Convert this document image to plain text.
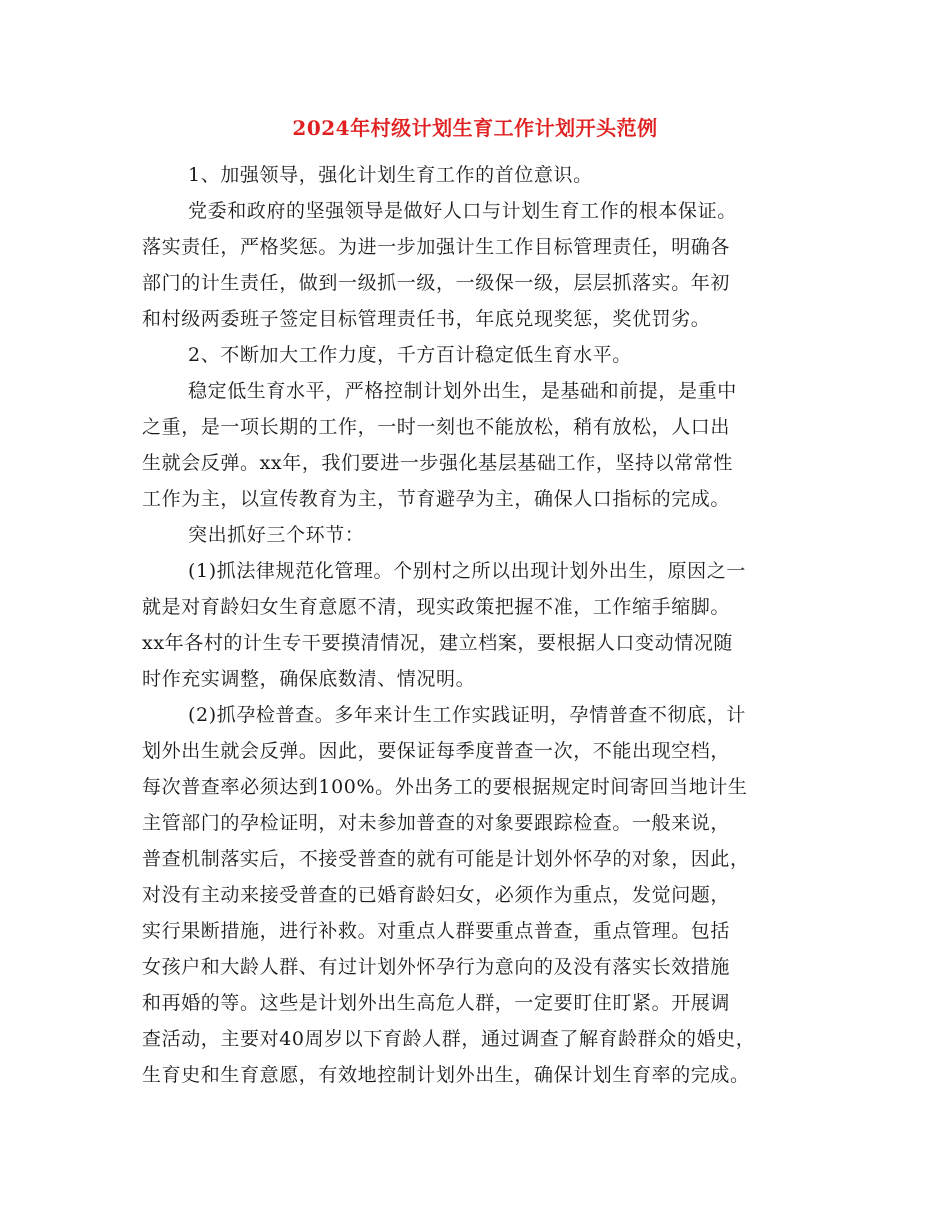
2024年村级计划生育工作计划开头范例
1、加强领导，强化计划生育工作的首位意识。
党委和政府的坚强领导是做好人口与计划生育工作的根本保证。
落实责任，严格奖惩。为进一步加强计生工作目标管理责任，明确各
部门的计生责任，做到一级抓一级，一级保一级，层层抓落实。年初
和村级两委班子签定目标管理责任书，年底兑现奖惩，奖优罚劣。
2、不断加大工作力度，千方百计稳定低生育水平。
稳定低生育水平，严格控制计划外出生，是基础和前提，是重中
之重，是一项长期的工作，一时一刻也不能放松，稍有放松，人口出
生就会反弹。xx年，我们要进一步强化基层基础工作，坚持以常常性
工作为主，以宣传教育为主，节育避孕为主，确保人口指标的完成。
突出抓好三个环节：
(1)抓法律规范化管理。个别村之所以出现计划外出生，原因之一
就是对育龄妇女生育意愿不清，现实政策把握不准，工作缩手缩脚。
xx年各村的计生专干要摸清情况，建立档案，要根据人口变动情况随
时作充实调整，确保底数清、情况明。
(2)抓孕检普查。多年来计生工作实践证明，孕情普查不彻底，计
划外出生就会反弹。因此，要保证每季度普查一次，不能出现空档，
每次普查率必须达到100%。外出务工的要根据规定时间寄回当地计生
主管部门的孕检证明，对未参加普查的对象要跟踪检查。一般来说，
普查机制落实后，不接受普查的就有可能是计划外怀孕的对象，因此，
对没有主动来接受普查的已婚育龄妇女，必须作为重点，发觉问题，
实行果断措施，进行补救。对重点人群要重点普查，重点管理。包括
女孩户和大龄人群、有过计划外怀孕行为意向的及没有落实长效措施
和再婚的等。这些是计划外出生高危人群，一定要盯住盯紧。开展调
查活动，主要对40周岁以下育龄人群，通过调查了解育龄群众的婚史，
生育史和生育意愿，有效地控制计划外出生，确保计划生育率的完成。
